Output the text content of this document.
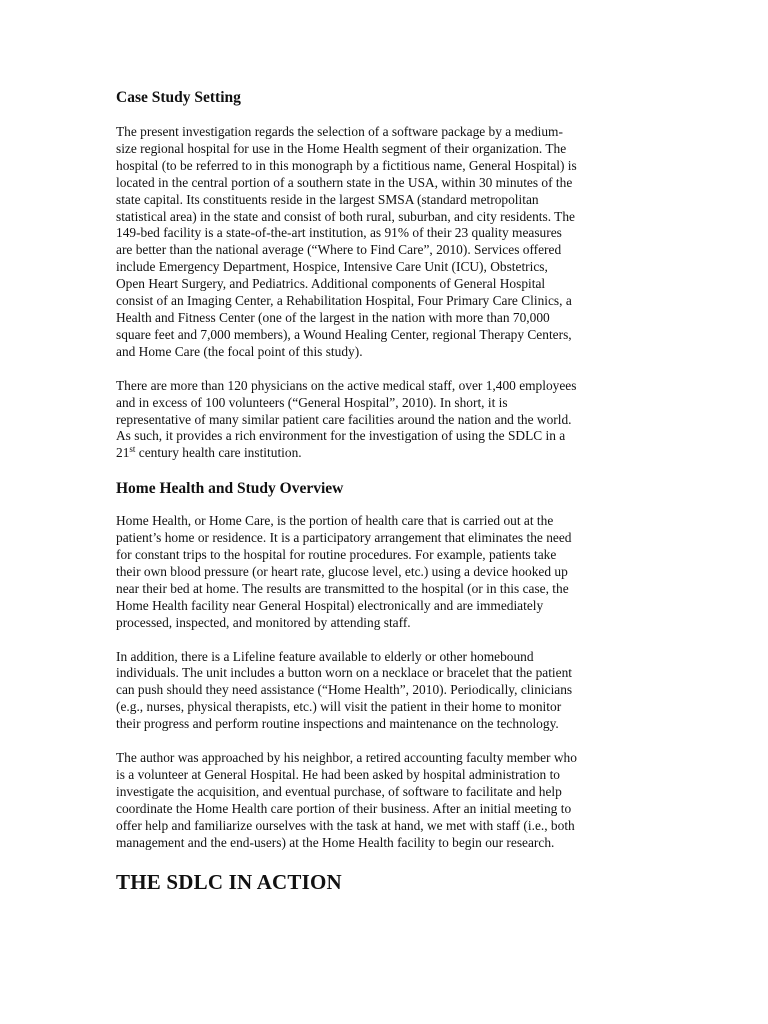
Case Study Setting

The present investigation regards the selection of a software package by a medium-
size regional hospital for use in the Home Health segment of their organization. The
hospital (to be referred to in this monograph by a fictitious name, General Hospital) is
located in the central portion of a southern state in the USA, within 30 minutes of the
state capital. Its constituents reside in the largest SMSA (standard metropolitan
statistical area) in the state and consist of both rural, suburban, and city residents. The
149-bed facility is a state-of-the-art institution, as 91% of their 23 quality measures
are better than the national average (“Where to Find Care”, 2010). Services offered
include Emergency Department, Hospice, Intensive Care Unit (ICU), Obstetrics,
Open Heart Surgery, and Pediatrics. Additional components of General Hospital
consist of an Imaging Center, a Rehabilitation Hospital, Four Primary Care Clinics, a
Health and Fitness Center (one of the largest in the nation with more than 70,000
square feet and 7,000 members), a Wound Healing Center, regional Therapy Centers,
and Home Care (the focal point of this study).

There are more than 120 physicians on the active medical staff, over 1,400 employees
and in excess of 100 volunteers (“General Hospital”, 2010). In short, it is
representative of many similar patient care facilities around the nation and the world.
As such, it provides a rich environment for the investigation of using the SDLC in a
21st century health care institution.

Home Health and Study Overview

Home Health, or Home Care, is the portion of health care that is carried out at the
patient’s home or residence. It is a participatory arrangement that eliminates the need
for constant trips to the hospital for routine procedures. For example, patients take
their own blood pressure (or heart rate, glucose level, etc.) using a device hooked up
near their bed at home. The results are transmitted to the hospital (or in this case, the
Home Health facility near General Hospital) electronically and are immediately
processed, inspected, and monitored by attending staff.

In addition, there is a Lifeline feature available to elderly or other homebound
individuals. The unit includes a button worn on a necklace or bracelet that the patient
can push should they need assistance (“Home Health”, 2010). Periodically, clinicians
(e.g., nurses, physical therapists, etc.) will visit the patient in their home to monitor
their progress and perform routine inspections and maintenance on the technology.

The author was approached by his neighbor, a retired accounting faculty member who
is a volunteer at General Hospital. He had been asked by hospital administration to
investigate the acquisition, and eventual purchase, of software to facilitate and help
coordinate the Home Health care portion of their business. After an initial meeting to
offer help and familiarize ourselves with the task at hand, we met with staff (i.e., both
management and the end-users) at the Home Health facility to begin our research.

THE SDLC IN ACTION
